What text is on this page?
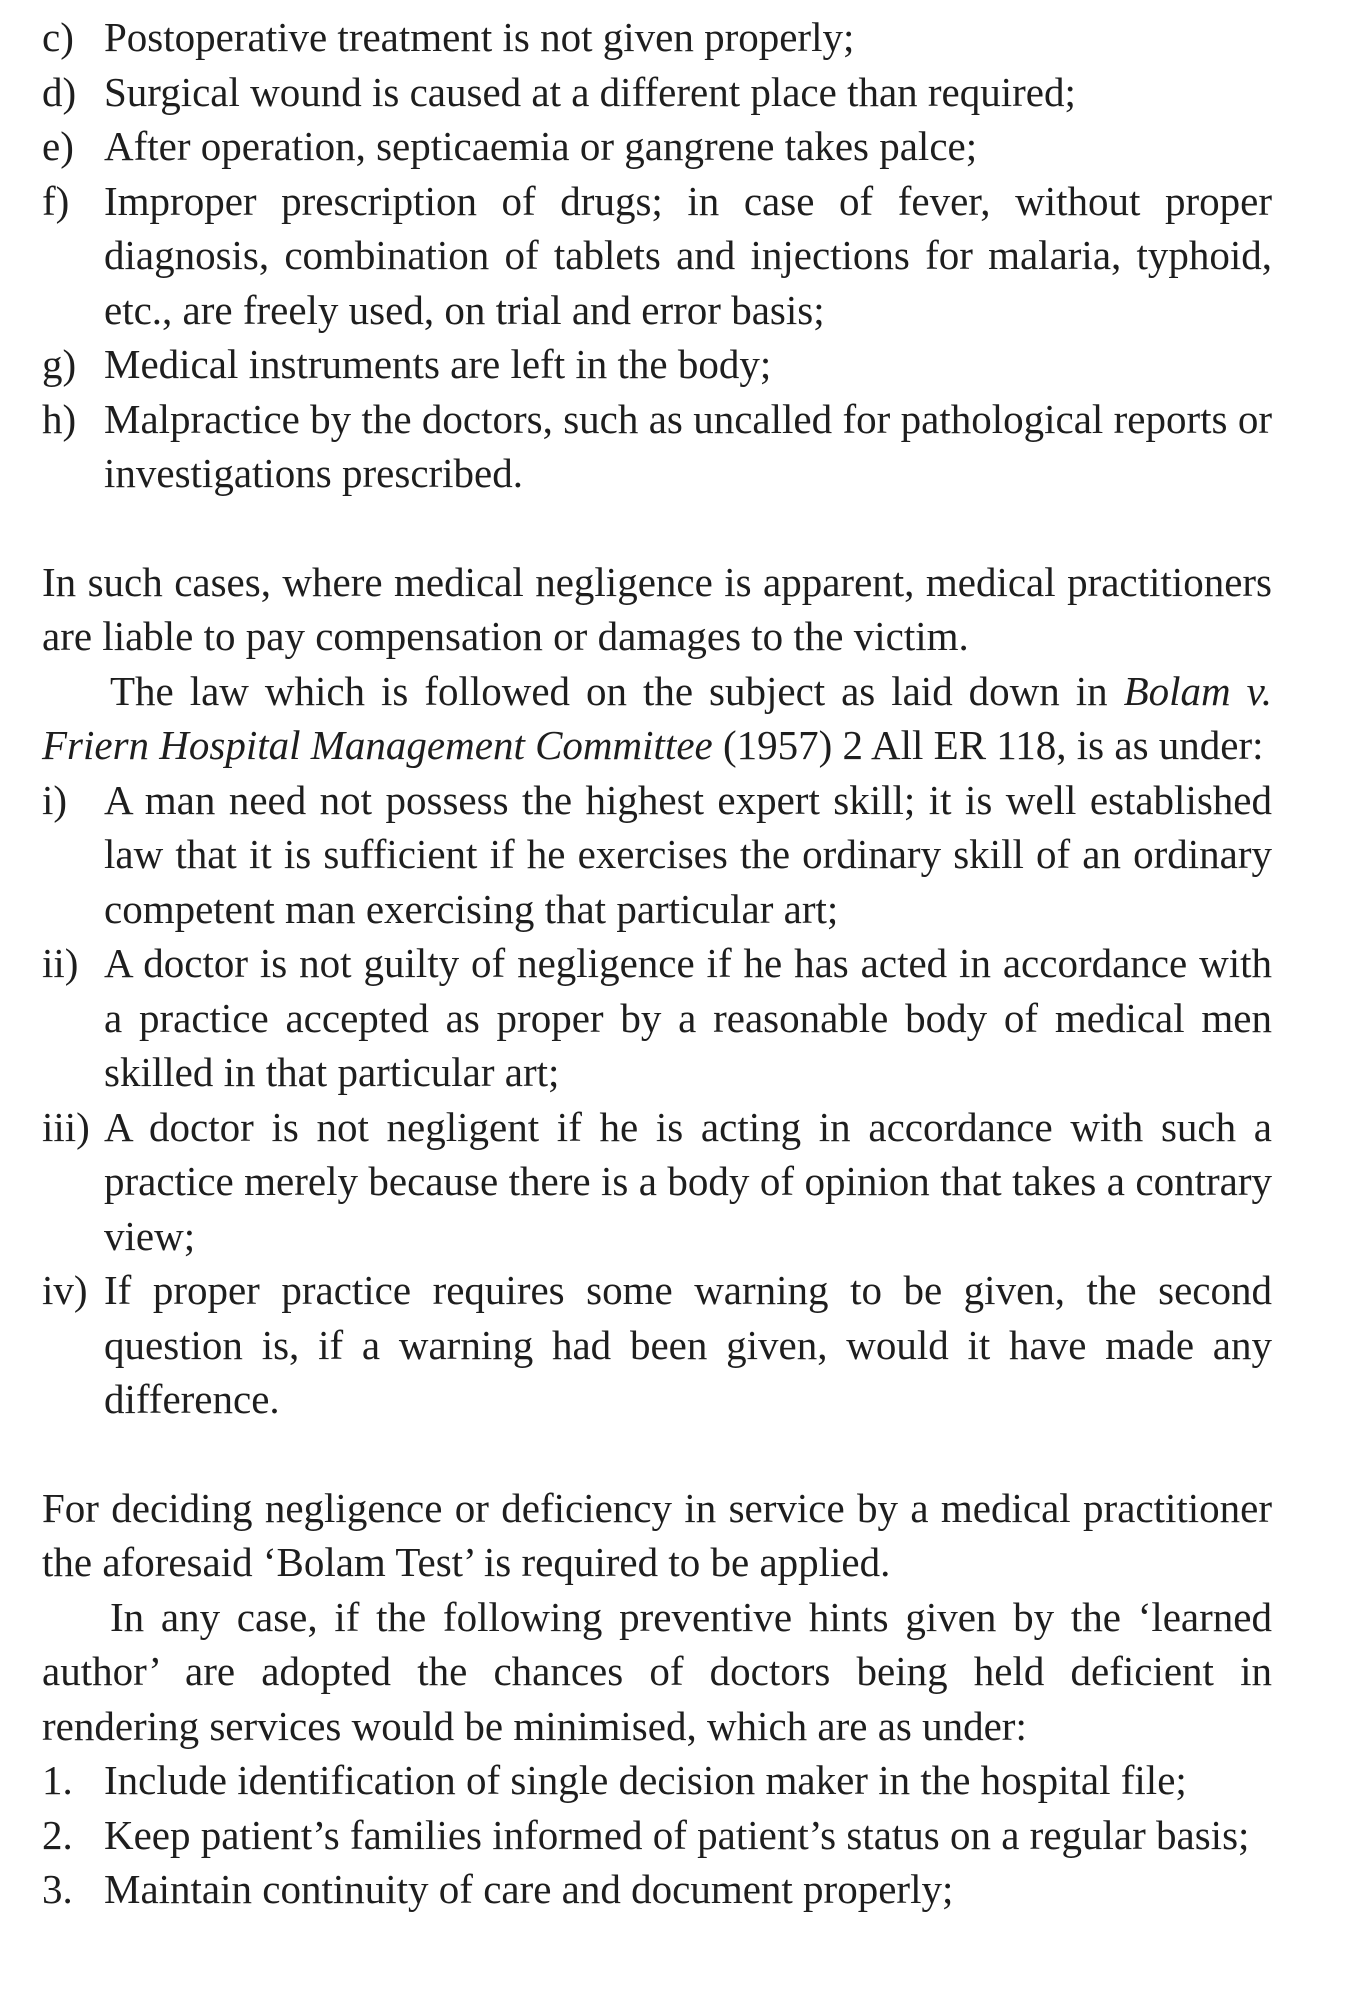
c) Postoperative treatment is not given properly;
d) Surgical wound is caused at a different place than required;
e) After operation, septicaemia or gangrene takes palce;
f) Improper prescription of drugs; in case of fever, without proper diagnosis, combination of tablets and injections for malaria, typhoid, etc., are freely used, on trial and error basis;
g) Medical instruments are left in the body;
h) Malpractice by the doctors, such as uncalled for pathological reports or investigations prescribed.

In such cases, where medical negligence is apparent, medical practitioners are liable to pay compensation or damages to the victim.

The law which is followed on the subject as laid down in Bolam v. Friern Hospital Management Committee (1957) 2 All ER 118, is as under:

i) A man need not possess the highest expert skill; it is well established law that it is sufficient if he exercises the ordinary skill of an ordinary competent man exercising that particular art;
ii) A doctor is not guilty of negligence if he has acted in accordance with a practice accepted as proper by a reasonable body of medical men skilled in that particular art;
iii) A doctor is not negligent if he is acting in accordance with such a practice merely because there is a body of opinion that takes a contrary view;
iv) If proper practice requires some warning to be given, the second question is, if a warning had been given, would it have made any difference.

For deciding negligence or deficiency in service by a medical practitioner the aforesaid ‘Bolam Test’ is required to be applied.

In any case, if the following preventive hints given by the ‘learned author’ are adopted the chances of doctors being held deficient in rendering services would be minimised, which are as under:

1. Include identification of single decision maker in the hospital file;
2. Keep patient’s families informed of patient’s status on a regular basis;
3. Maintain continuity of care and document properly;
